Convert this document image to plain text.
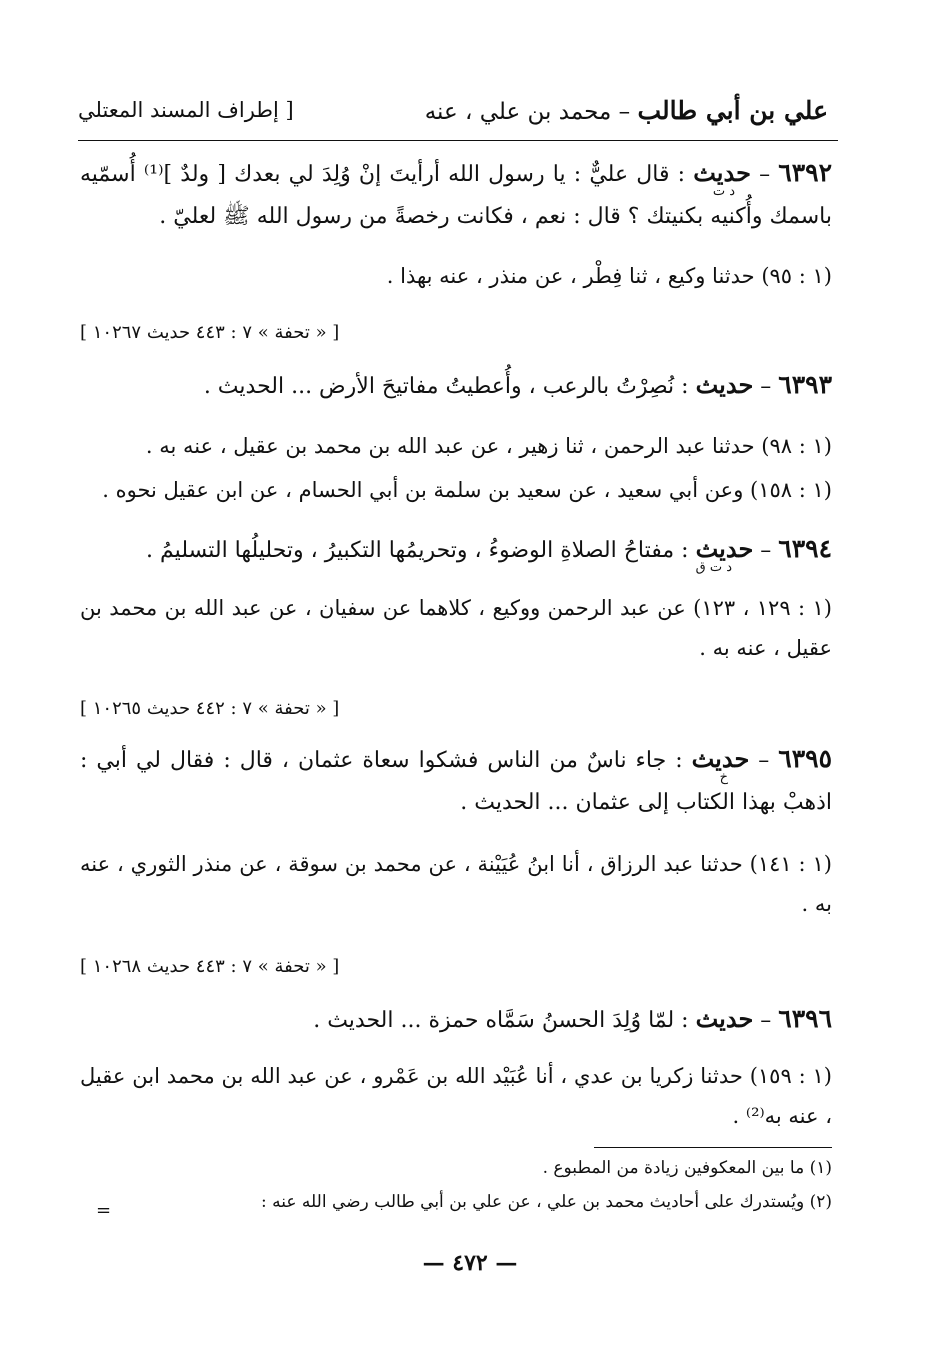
علي بن أبي طالب – محمد بن علي ، عنه
[ إطراف المسند المعتلي
٦٣٩٢ – حديث : قال عليٌّ : يا رسول الله أرأيتَ إنْ وُلِدَ لي بعدك [ ولدٌ ]⁽¹⁾ أُسمّيه باسمك وأُكنيه بكنيتك ؟ قال : نعم ، فكانت رخصةً من رسول الله ﷺ لعليّ .
د ت
(١ : ٩٥) حدثنا وكيع ، ثنا فِطْر ، عن منذر ، عنه بهذا .
[ « تحفة » ٧ : ٤٤٣ حديث ١٠٢٦٧ ]
٦٣٩٣ – حديث : نُصِرْتُ بالرعب ، وأُعطيتُ مفاتيحَ الأرض ... الحديث .
(١ : ٩٨) حدثنا عبد الرحمن ، ثنا زهير ، عن عبد الله بن محمد بن عقيل ، عنه به .
(١ : ١٥٨) وعن أبي سعيد ، عن سعيد بن سلمة بن أبي الحسام ، عن ابن عقيل نحوه .
٦٣٩٤ – حديث : مفتاحُ الصلاةِ الوضوءُ ، وتحريمُها التكبيرُ ، وتحليلُها التسليمُ .
د ت ق
(١ : ١٢٩ ، ١٢٣) عن عبد الرحمن ووكيع ، كلاهما عن سفيان ، عن عبد الله بن محمد بن عقيل ، عنه به .
[ « تحفة » ٧ : ٤٤٢ حديث ١٠٢٦٥ ]
٦٣٩٥ – حديث : جاء ناسٌ من الناس فشكوا سعاة عثمان ، قال : فقال لي أبي : اذهبْ بهذا الكتاب إلى عثمان ... الحديث .
خ
(١ : ١٤١) حدثنا عبد الرزاق ، أنا ابنُ عُيَيْنة ، عن محمد بن سوقة ، عن منذر الثوري ، عنه به .
[ « تحفة » ٧ : ٤٤٣ حديث ١٠٢٦٨ ]
٦٣٩٦ – حديث : لمّا وُلِدَ الحسنُ سَمَّاه حمزة ... الحديث .
(١ : ١٥٩) حدثنا زكريا بن عدي ، أنا عُبَيْد الله بن عَمْرو ، عن عبد الله بن محمد ابن عقيل ، عنه به⁽²⁾ .
(١) ما بين المعكوفين زيادة من المطبوع .
(٢) ويُستدرك على أحاديث محمد بن علي ، عن علي بن أبي طالب رضي الله عنه :
=
— ٤٧٢ —
